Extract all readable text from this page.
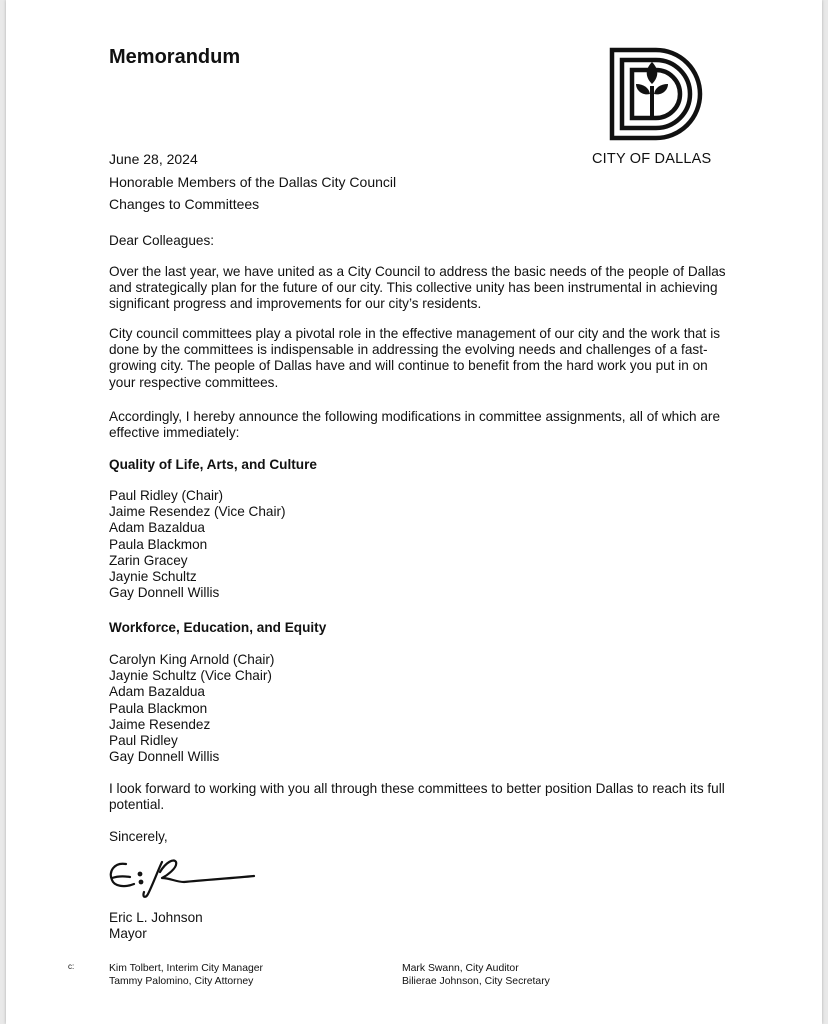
Memorandum
CITY OF DALLAS
June 28, 2024
Honorable Members of the Dallas City Council
Changes to Committees
Dear Colleagues:
Over the last year, we have united as a City Council to address the basic needs of the people of Dallas and strategically plan for the future of our city. This collective unity has been instrumental in achieving significant progress and improvements for our city’s residents.
City council committees play a pivotal role in the effective management of our city and the work that is done by the committees is indispensable in addressing the evolving needs and challenges of a fast-growing city. The people of Dallas have and will continue to benefit from the hard work you put in on your respective committees.
Accordingly, I hereby announce the following modifications in committee assignments, all of which are effective immediately:
Quality of Life, Arts, and Culture
Paul Ridley (Chair)
Jaime Resendez (Vice Chair)
Adam Bazaldua
Paula Blackmon
Zarin Gracey
Jaynie Schultz
Gay Donnell Willis
Workforce, Education, and Equity
Carolyn King Arnold (Chair)
Jaynie Schultz (Vice Chair)
Adam Bazaldua
Paula Blackmon
Jaime Resendez
Paul Ridley
Gay Donnell Willis
I look forward to working with you all through these committees to better position Dallas to reach its full potential.
Sincerely,
Eric L. Johnson
Mayor
c:	Kim Tolbert, Interim City Manager
Tammy Palomino, City Attorney
Mark Swann, City Auditor
Bilierae Johnson, City Secretary
